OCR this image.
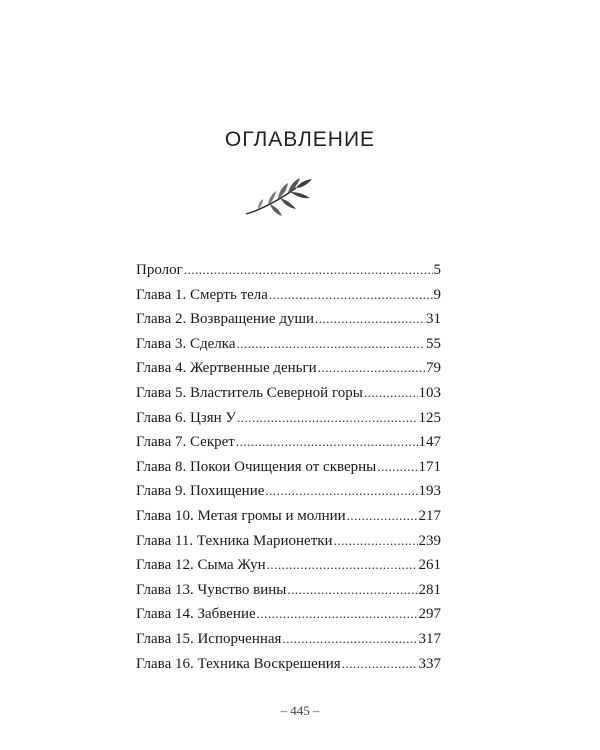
ОГЛАВЛЕНИЕ
Пролог .....	5
Глава 1. Смерть тела .....	9
Глава 2. Возвращение души .....	31
Глава 3. Сделка .....	55
Глава 4. Жертвенные деньги .....	79
Глава 5. Властитель Северной горы .....	103
Глава 6. Цзян У .....	125
Глава 7. Секрет .....	147
Глава 8. Покои Очищения от скверны .....	171
Глава 9. Похищение .....	193
Глава 10. Метая громы и молнии .....	217
Глава 11. Техника Марионетки .....	239
Глава 12. Сыма Жун .....	261
Глава 13. Чувство вины .....	281
Глава 14. Забвение .....	297
Глава 15. Испорченная .....	317
Глава 16. Техника Воскрешения .....	337
– 445 –
